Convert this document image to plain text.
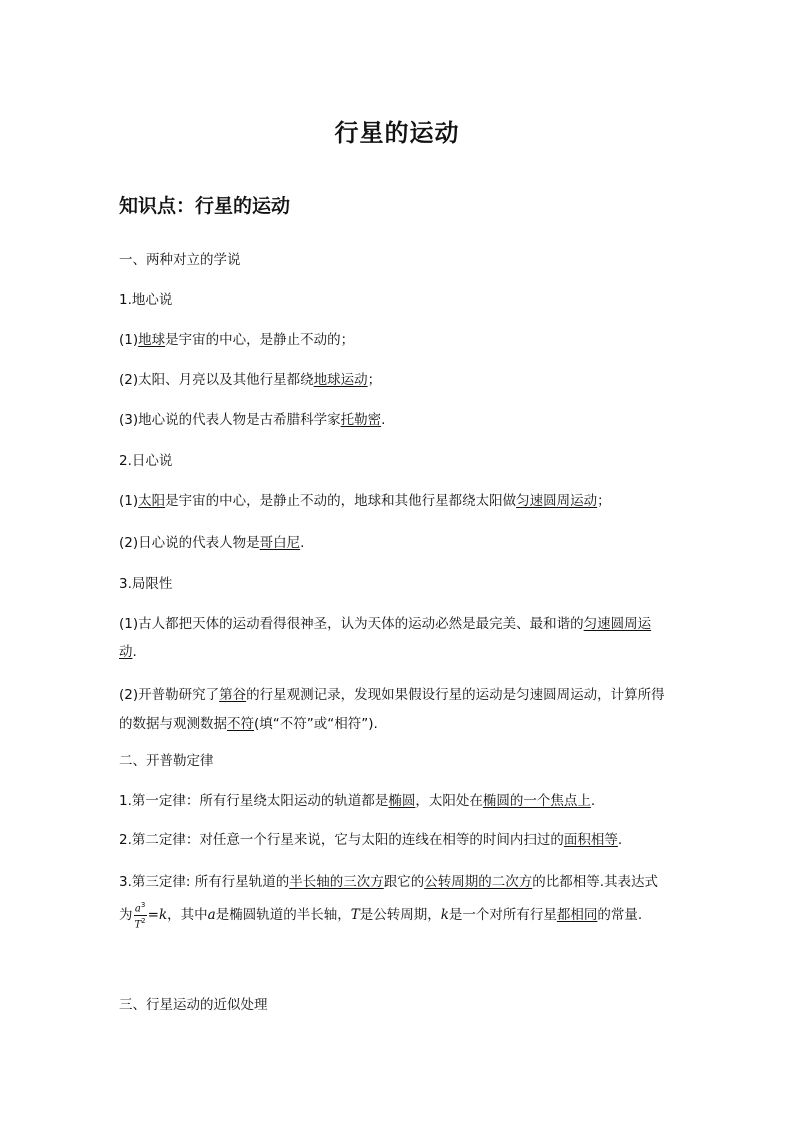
行星的运动
知识点：行星的运动
一、两种对立的学说
1.地心说
(1)地球是宇宙的中心，是静止不动的；
(2)太阳、月亮以及其他行星都绕地球运动；
(3)地心说的代表人物是古希腊科学家托勒密.
2.日心说
(1)太阳是宇宙的中心，是静止不动的，地球和其他行星都绕太阳做匀速圆周运动；
(2)日心说的代表人物是哥白尼.
3.局限性
(1)古人都把天体的运动看得很神圣，认为天体的运动必然是最完美、最和谐的匀速圆周运
动.
(2)开普勒研究了第谷的行星观测记录，发现如果假设行星的运动是匀速圆周运动，计算所得的数据与观测数据不符(填“不符”或“相符”).
二、开普勒定律
1.第一定律：所有行星绕太阳运动的轨道都是椭圆，太阳处在椭圆的一个焦点上.
2.第二定律：对任意一个行星来说，它与太阳的连线在相等的时间内扫过的面积相等.
3.第三定律: 所有行星轨道的半长轴的三次方跟它的公转周期的二次方的比都相等.其表达式
为 $\frac{a^3}{T^2} =k$，其中a是椭圆轨道的半长轴，T是公转周期，k是一个对所有行星都相同的常量.
三、行星运动的近似处理
